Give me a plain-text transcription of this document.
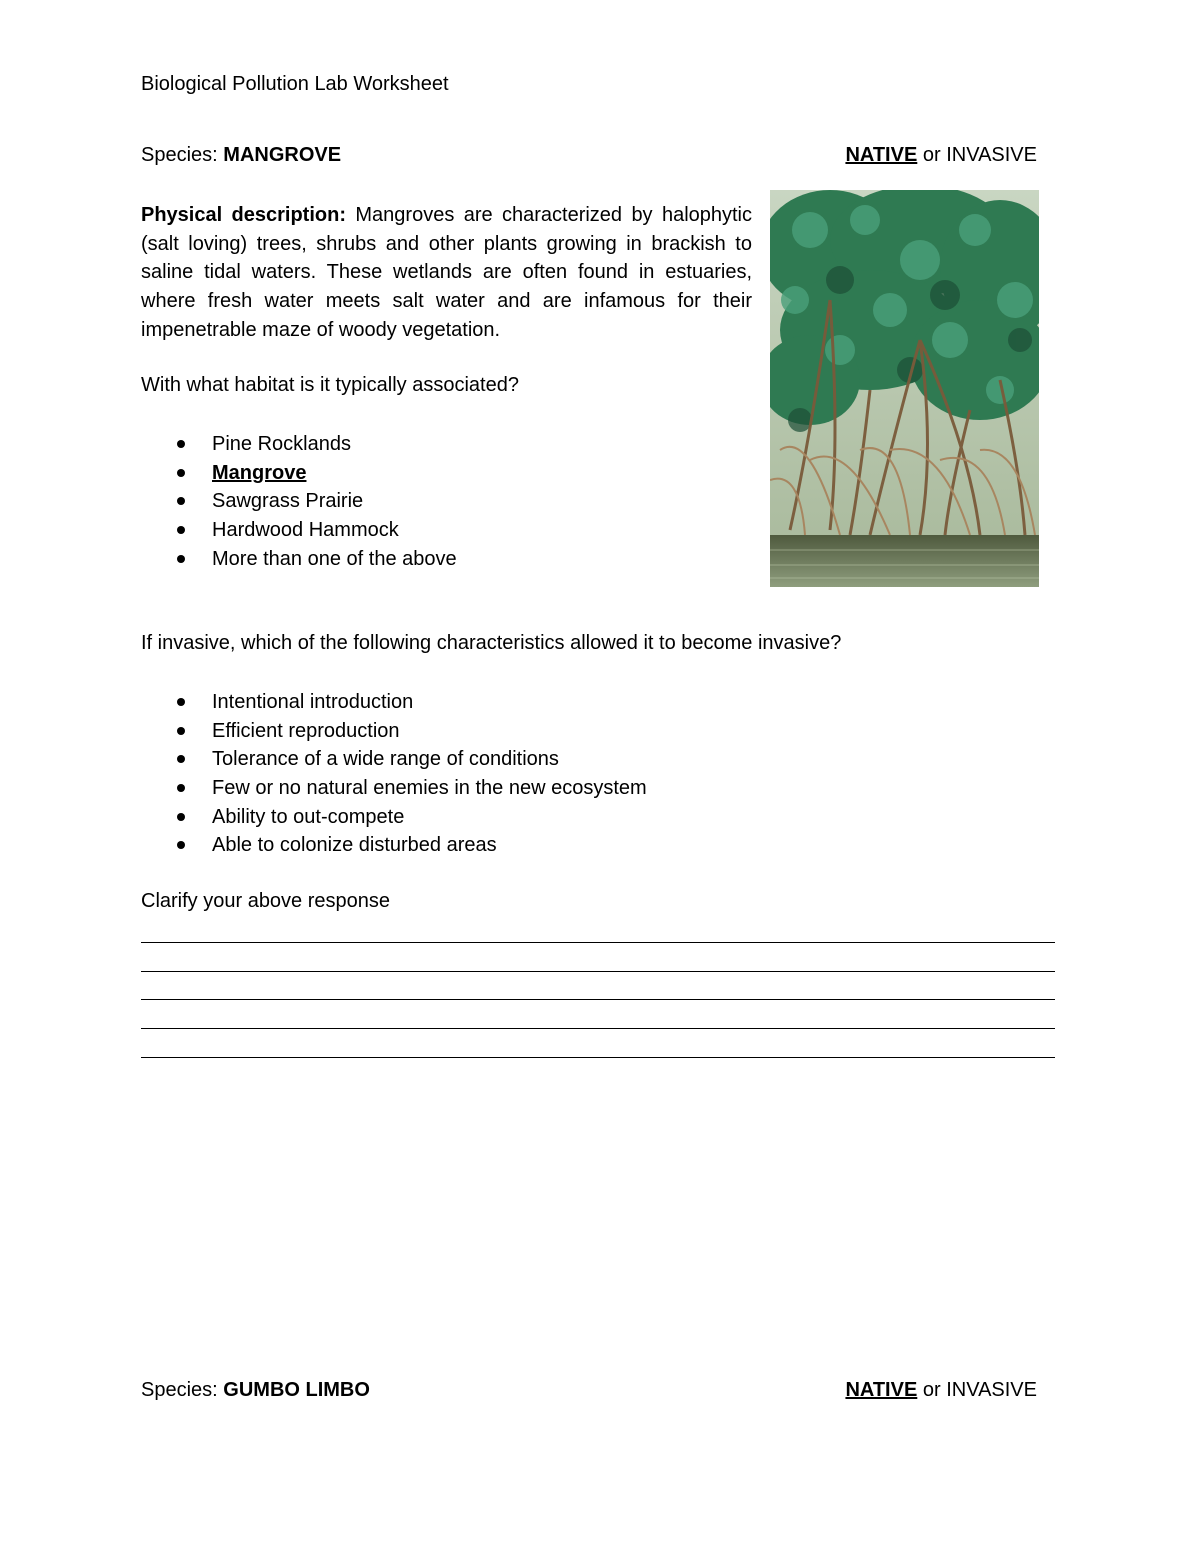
Biological Pollution Lab Worksheet
Species: MANGROVE	NATIVE or INVASIVE
Physical description: Mangroves are characterized by halophytic (salt loving) trees, shrubs and other plants growing in brackish to saline tidal waters. These wetlands are often found in estuaries, where fresh water meets salt water and are infamous for their impenetrable maze of woody vegetation.
With what habitat is it typically associated?
Pine Rocklands
Mangrove
Sawgrass Prairie
Hardwood Hammock
More than one of the above
If invasive, which of the following characteristics allowed it to become invasive?
Intentional introduction
Efficient reproduction
Tolerance of a wide range of conditions
Few or no natural enemies in the new ecosystem
Ability to out-compete
Able to colonize disturbed areas
Clarify your above response
Species: GUMBO LIMBO	NATIVE or INVASIVE
